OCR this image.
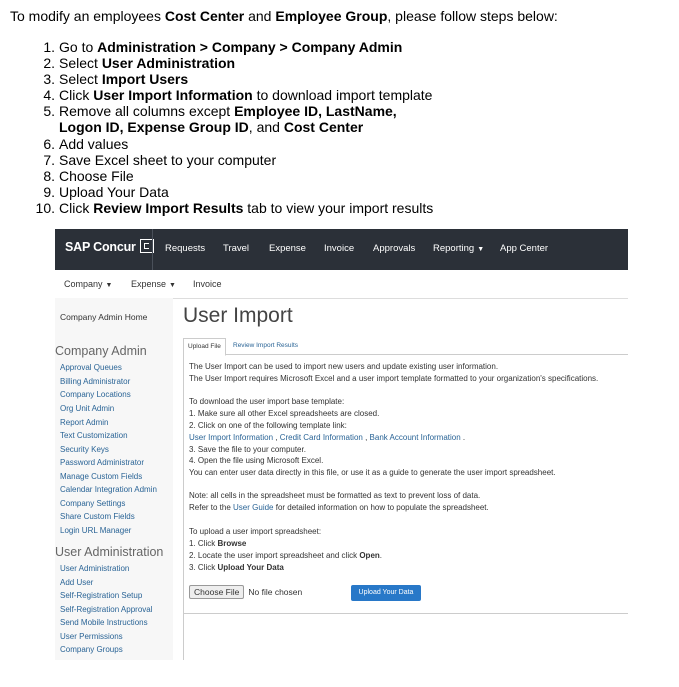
To modify an employees Cost Center and Employee Group, please follow steps below:
1. Go to Administration > Company > Company Admin
2. Select User Administration
3. Select Import Users
4. Click User Import Information to download import template
5. Remove all columns except Employee ID, LastName,
Logon ID, Expense Group ID, and Cost Center
6. Add values
7. Save Excel sheet to your computer
8. Choose File
9. Upload Your Data
10. Click Review Import Results tab to view your import results
SAP Concur	Requests Travel Expense Invoice Approvals Reporting ▼ App Center
Company ▼ Expense ▼ Invoice
Company Admin Home
Company Admin
Approval Queues
Billing Administrator
Company Locations
Org Unit Admin
Report Admin
Text Customization
Security Keys
Password Administrator
Manage Custom Fields
Calendar Integration Admin
Company Settings
Share Custom Fields
Login URL Manager
User Administration
User Administration
Add User
Self-Registration Setup
Self-Registration Approval
Send Mobile Instructions
User Permissions
Company Groups
User Import
Upload File	Review Import Results
The User Import can be used to import new users and update existing user information.
The User Import requires Microsoft Excel and a user import template formatted to your organization's specifications.
To download the user import base template:
1. Make sure all other Excel spreadsheets are closed.
2. Click on one of the following template link:
User Import Information , Credit Card Information , Bank Account Information .
3. Save the file to your computer.
4. Open the file using Microsoft Excel.
You can enter user data directly in this file, or use it as a guide to generate the user import spreadsheet.
Note: all cells in the spreadsheet must be formatted as text to prevent loss of data.
Refer to the User Guide for detailed information on how to populate the spreadsheet.
To upload a user import spreadsheet:
1. Click Browse
2. Locate the user import spreadsheet and click Open.
3. Click Upload Your Data
Choose File No file chosen	Upload Your Data
